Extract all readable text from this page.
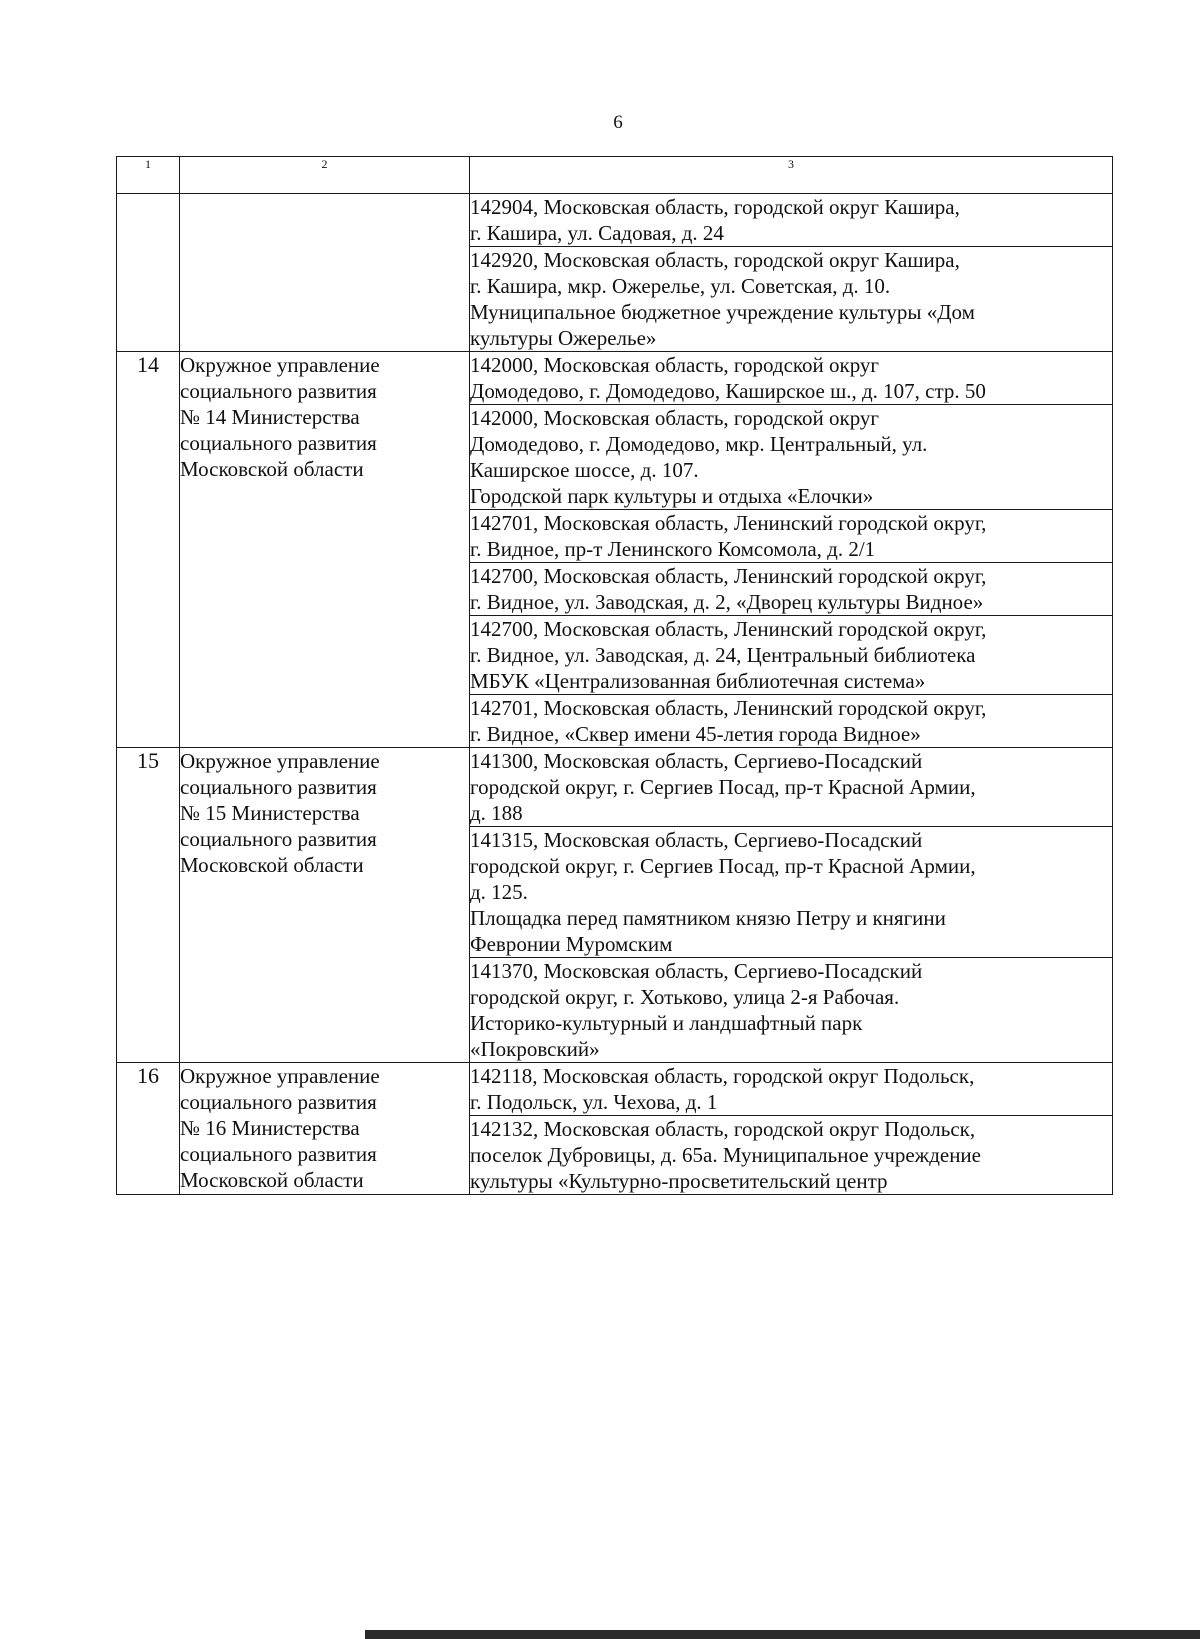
6
1	2	3

		142904, Московская область, городской округ Кашира,
г. Кашира, ул. Садовая, д. 24

		142920, Московская область, городской округ Кашира,
г. Кашира, мкр. Ожерелье, ул. Советская, д. 10.
Муниципальное бюджетное учреждение культуры «Дом
культуры Ожерелье»

14	Окружное управление
социального развития
№ 14 Министерства
социального развития
Московской области	142000, Московская область, городской округ
Домодедово, г. Домодедово, Каширское ш., д. 107, стр. 50

		142000, Московская область, городской округ
Домодедово, г. Домодедово, мкр. Центральный, ул.
Каширское шоссе, д. 107.
Городской парк культуры и отдыха «Елочки»

		142701, Московская область, Ленинский городской округ,
г. Видное, пр-т Ленинского Комсомола, д. 2/1

		142700, Московская область, Ленинский городской округ,
г. Видное, ул. Заводская, д. 2, «Дворец культуры Видное»

		142700, Московская область, Ленинский городской округ,
г. Видное, ул. Заводская, д. 24, Центральный библиотека
МБУК «Централизованная библиотечная система»

		142701, Московская область, Ленинский городской округ,
г. Видное, «Сквер имени 45-летия города Видное»

15	Окружное управление
социального развития
№ 15 Министерства
социального развития
Московской области	141300, Московская область, Сергиево-Посадский
городской округ, г. Сергиев Посад, пр-т Красной Армии,
д. 188

		141315, Московская область, Сергиево-Посадский
городской округ, г. Сергиев Посад, пр-т Красной Армии,
д. 125.
Площадка перед памятником князю Петру и княгини
Февронии Муромским

		141370, Московская область, Сергиево-Посадский
городской округ, г. Хотьково, улица 2-я Рабочая.
Историко-культурный и ландшафтный парк
«Покровский»

16	Окружное управление
социального развития
№ 16 Министерства
социального развития
Московской области	142118, Московская область, городской округ Подольск,
г. Подольск, ул. Чехова, д. 1

		142132, Московская область, городской округ Подольск,
поселок Дубровицы, д. 65а. Муниципальное учреждение
культуры «Культурно-просветительский центр
